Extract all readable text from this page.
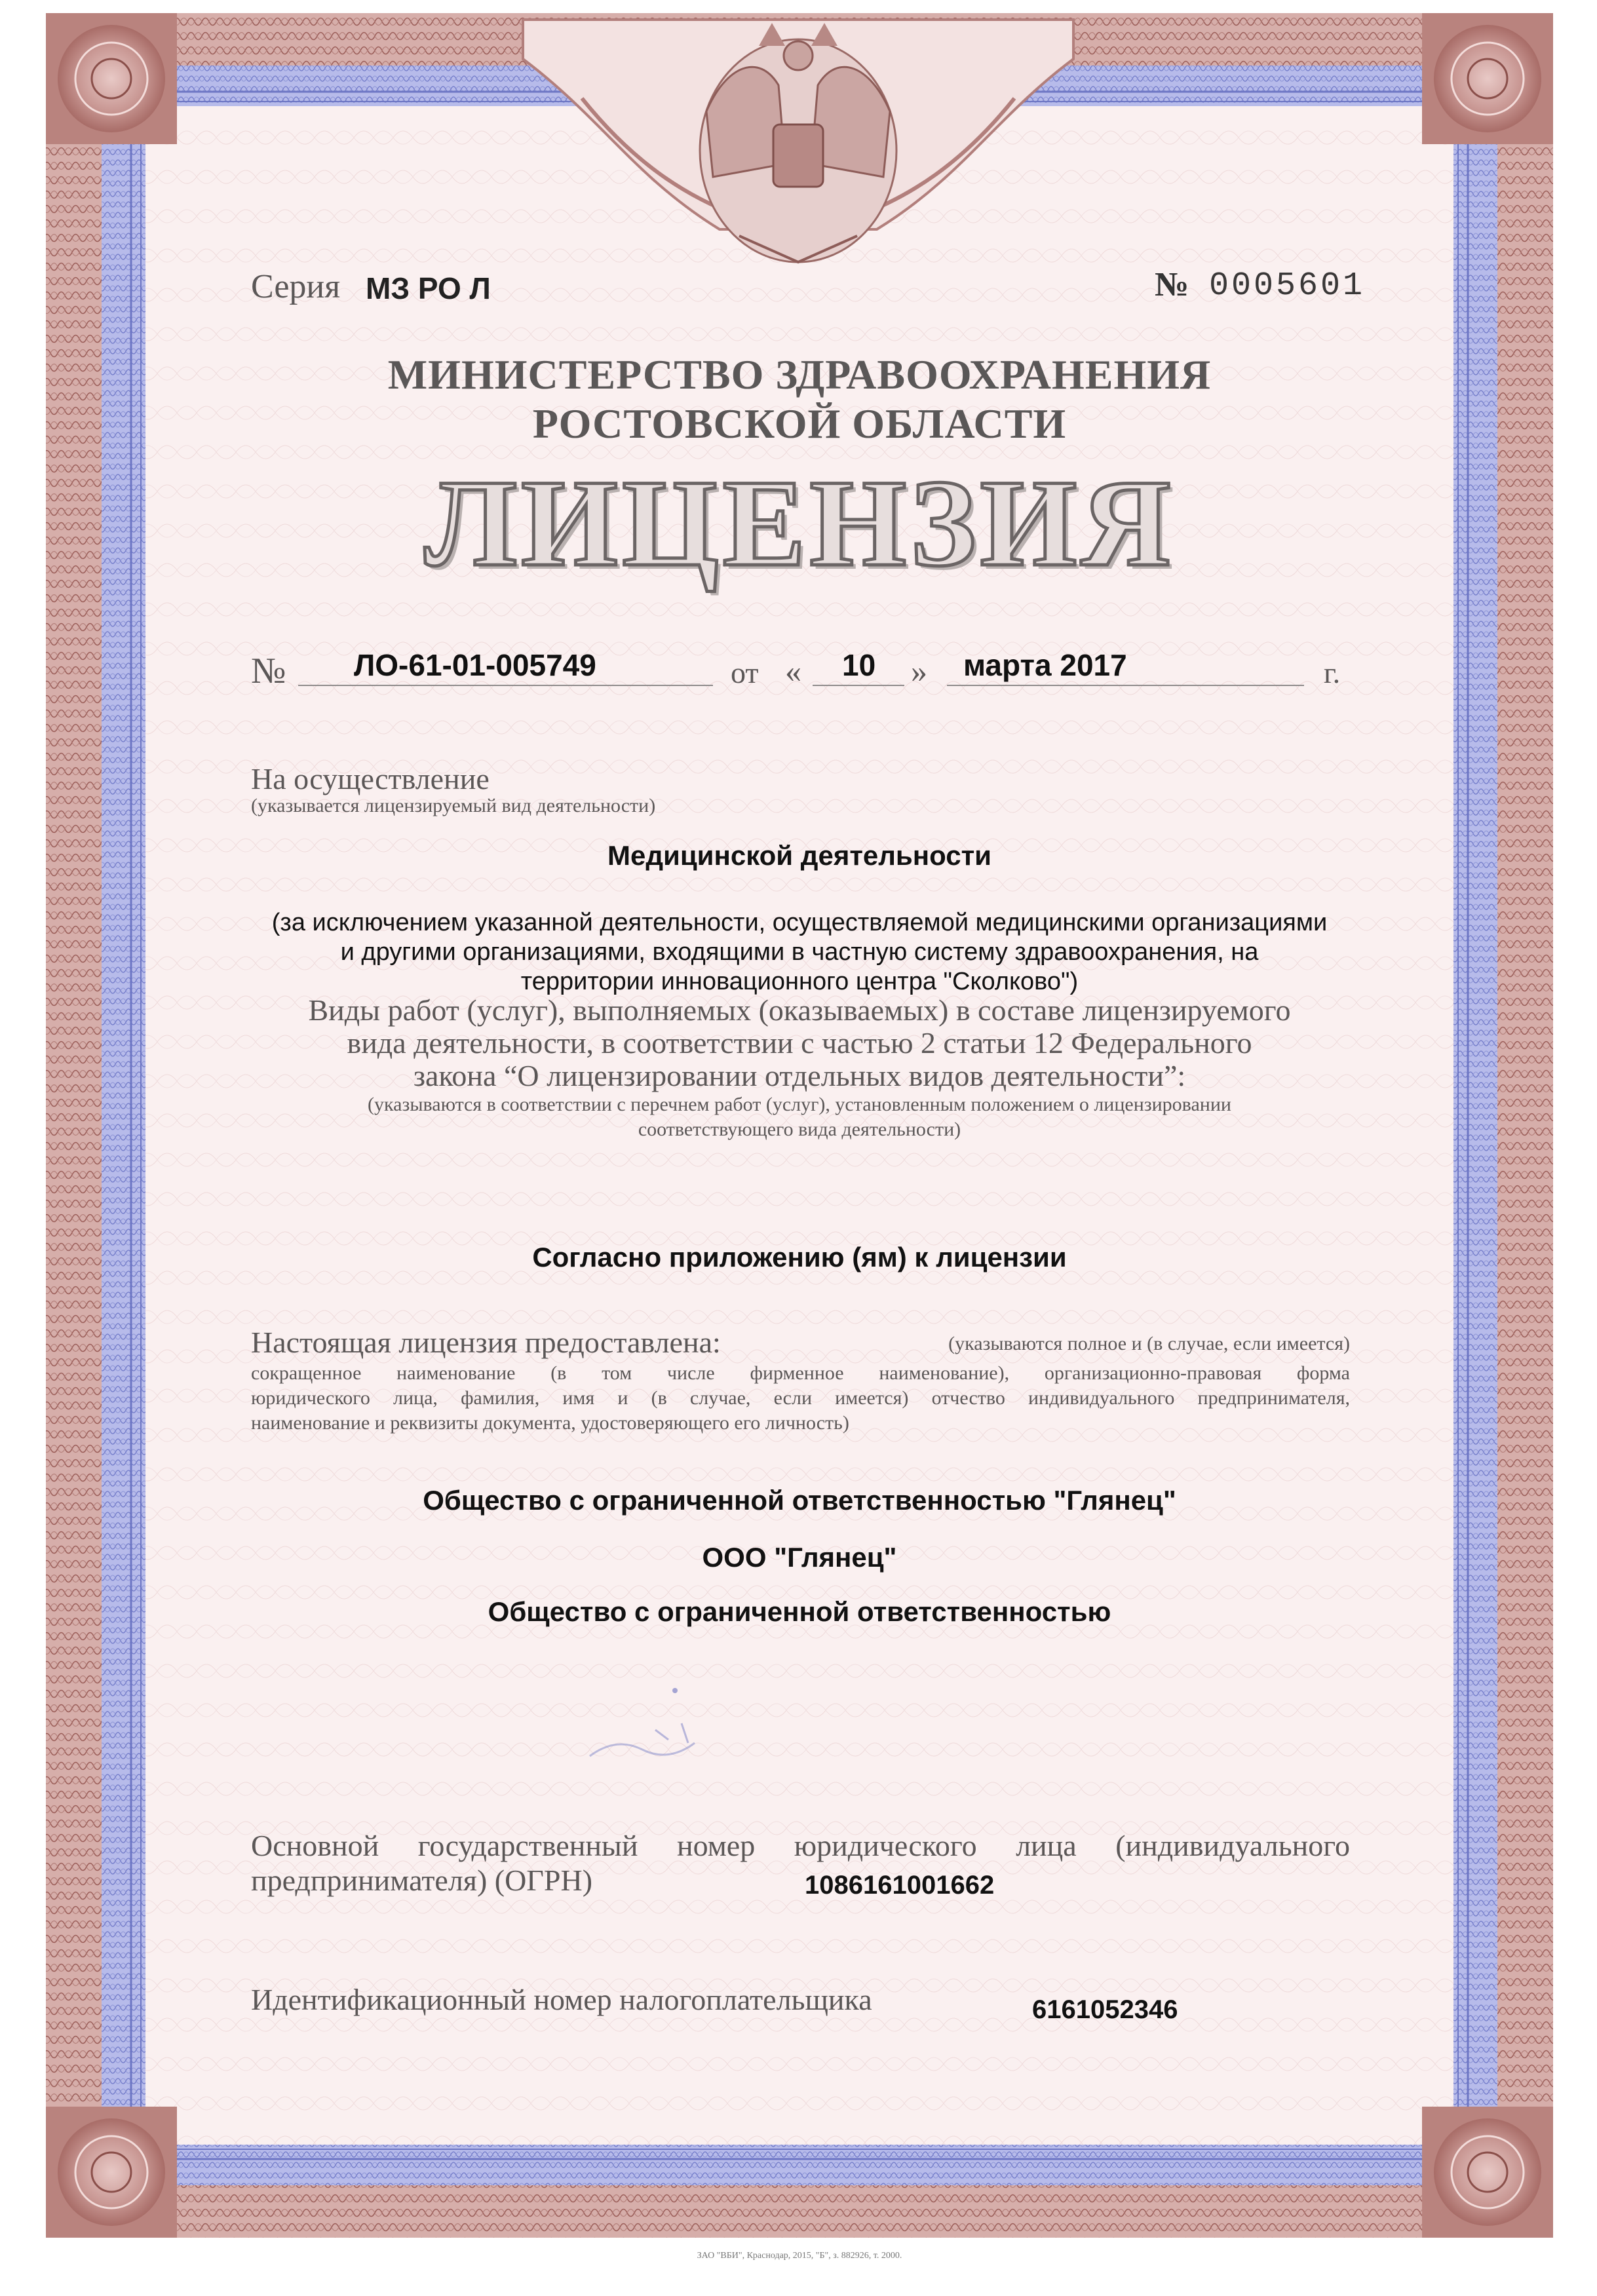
Серия МЗ РО Л	№ 0005601
МИНИСТЕРСТВО ЗДРАВООХРАНЕНИЯ
РОСТОВСКОЙ ОБЛАСТИ
ЛИЦЕНЗИЯ
№ ЛО-61-01-005749	от « 10 » марта 2017	г.
На осуществление
(указывается лицензируемый вид деятельности)
Медицинской деятельности
(за исключением указанной деятельности, осуществляемой медицинскими организациями
и другими организациями, входящими в частную систему здравоохранения, на
территории инновационного центра "Сколково")
Виды работ (услуг), выполняемых (оказываемых) в составе лицензируемого
вида деятельности, в соответствии с частью 2 статьи 12 Федерального
закона “О лицензировании отдельных видов деятельности”:
(указываются в соответствии с перечнем работ (услуг), установленным положением о лицензировании
соответствующего вида деятельности)
Согласно приложению (ям) к лицензии
Настоящая лицензия предоставлена:	(указываются полное и (в случае, если имеется)
сокращенное наименование (в том числе фирменное наименование), организационно-правовая форма
юридического лица, фамилия, имя и (в случае, если имеется) отчество индивидуального предпринимателя,
наименование и реквизиты документа, удостоверяющего его личность)
Общество с ограниченной ответственностью "Глянец"
ООО "Глянец"
Общество с ограниченной ответственностью
Основной государственный номер юридического лица (индивидуального
предпринимателя) (ОГРН)	1086161001662
Идентификационный номер налогоплательщика	6161052346
ЗАО "ВБИ", Краснодар, 2015, "Б", з. 882926, т. 2000.
